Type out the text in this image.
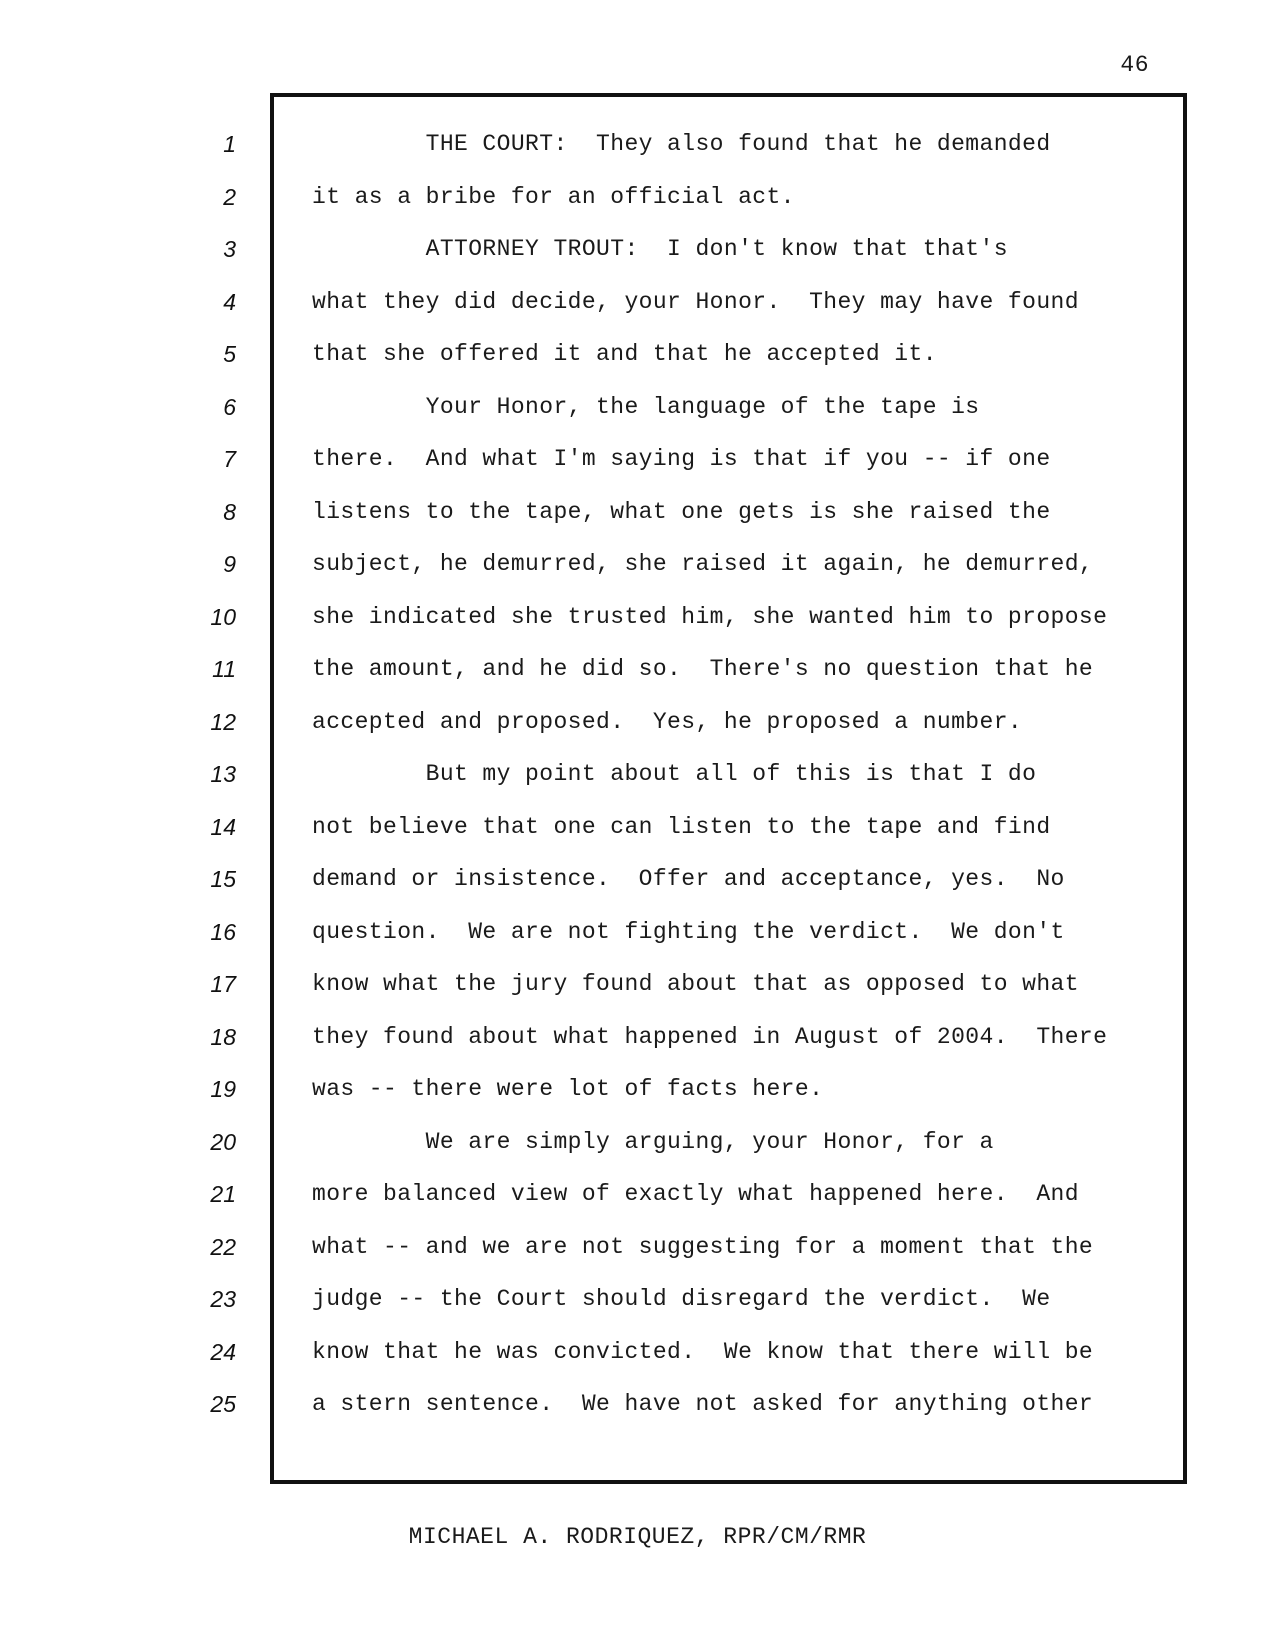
46
1
2
3
4
5
6
7
8
9
10
11
12
13
14
15
16
17
18
19
20
21
22
23
24
25
THE COURT:  They also found that he demanded
it as a bribe for an official act.
ATTORNEY TROUT:  I don't know that that's
what they did decide, your Honor.  They may have found
that she offered it and that he accepted it.
Your Honor, the language of the tape is
there.  And what I'm saying is that if you -- if one
listens to the tape, what one gets is she raised the
subject, he demurred, she raised it again, he demurred,
she indicated she trusted him, she wanted him to propose
the amount, and he did so.  There's no question that he
accepted and proposed.  Yes, he proposed a number.
But my point about all of this is that I do
not believe that one can listen to the tape and find
demand or insistence.  Offer and acceptance, yes.  No
question.  We are not fighting the verdict.  We don't
know what the jury found about that as opposed to what
they found about what happened in August of 2004.  There
was -- there were lot of facts here.
We are simply arguing, your Honor, for a
more balanced view of exactly what happened here.  And
what -- and we are not suggesting for a moment that the
judge -- the Court should disregard the verdict.  We
know that he was convicted.  We know that there will be
a stern sentence.  We have not asked for anything other
MICHAEL A. RODRIQUEZ, RPR/CM/RMR
